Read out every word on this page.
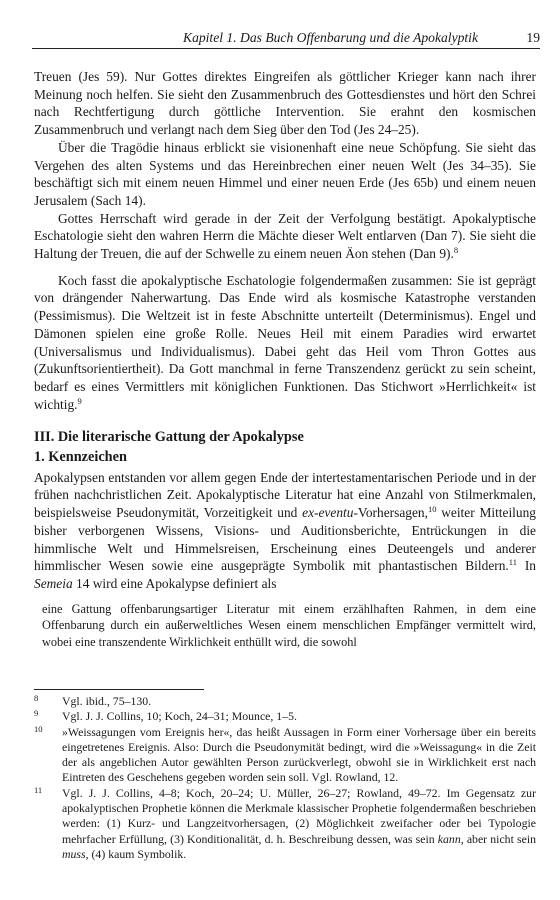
Kapitel 1. Das Buch Offenbarung und die Apokalyptik	19

Treuen (Jes 59). Nur Gottes direktes Eingreifen als göttlicher Krieger kann nach ihrer Meinung noch helfen. Sie sieht den Zusammenbruch des Gottesdienstes und hört den Schrei nach Rechtfertigung durch göttliche Intervention. Sie erahnt den kosmischen Zusammenbruch und verlangt nach dem Sieg über den Tod (Jes 24–25).

Über die Tragödie hinaus erblickt sie visionenhaft eine neue Schöpfung. Sie sieht das Vergehen des alten Systems und das Hereinbrechen einer neuen Welt (Jes 34–35). Sie beschäftigt sich mit einem neuen Himmel und einer neuen Erde (Jes 65b) und einem neuen Jerusalem (Sach 14).

Gottes Herrschaft wird gerade in der Zeit der Verfolgung bestätigt. Apokalyptische Eschatologie sieht den wahren Herrn die Mächte dieser Welt entlarven (Dan 7). Sie sieht die Haltung der Treuen, die auf der Schwelle zu einem neuen Äon stehen (Dan 9).$^8$

Koch fasst die apokalyptische Eschatologie folgendermaßen zusammen: Sie ist geprägt von drängender Naherwartung. Das Ende wird als kosmische Katastrophe verstanden (Pessimismus). Die Weltzeit ist in feste Abschnitte unterteilt (Determinismus). Engel und Dämonen spielen eine große Rolle. Neues Heil mit einem Paradies wird erwartet (Universalismus und Individualismus). Dabei geht das Heil vom Thron Gottes aus (Zukunftsorientiertheit). Da Gott manchmal in ferne Transzendenz gerückt zu sein scheint, bedarf es eines Vermittlers mit königlichen Funktionen. Das Stichwort »Herrlichkeit« ist wichtig.$^9$

III. Die literarische Gattung der Apokalypse
1. Kennzeichen

Apokalypsen entstanden vor allem gegen Ende der intertestamentarischen Periode und in der frühen nachchristlichen Zeit. Apokalyptische Literatur hat eine Anzahl von Stilmerkmalen, beispielsweise Pseudonymität, Vorzeitigkeit und ex-eventu-Vorhersagen,$^{10}$ weiter Mitteilung bisher verborgenen Wissens, Visions- und Auditionsberichte, Entrückungen in die himmlische Welt und Himmelsreisen, Erscheinung eines Deuteengels und anderer himmlischer Wesen sowie eine ausgeprägte Symbolik mit phantastischen Bildern.$^{11}$ In Semeia 14 wird eine Apokalypse definiert als

eine Gattung offenbarungsartiger Literatur mit einem erzählhaften Rahmen, in dem eine Offenbarung durch ein außerweltliches Wesen einem menschlichen Empfänger vermittelt wird, wobei eine transzendente Wirklichkeit enthüllt wird, die sowohl
8 Vgl. ibid., 75–130.
9 Vgl. J. J. Collins, 10; Koch, 24–31; Mounce, 1–5.
10 »Weissagungen vom Ereignis her«, das heißt Aussagen in Form einer Vorhersage über ein bereits eingetretenes Ereignis. Also: Durch die Pseudonymität bedingt, wird die »Weissagung« in die Zeit der als angeblichen Autor gewählten Person zurückverlegt, obwohl sie in Wirklichkeit erst nach Eintreten des Geschehens gegeben worden sein soll. Vgl. Rowland, 12.
11 Vgl. J. J. Collins, 4–8; Koch, 20–24; U. Müller, 26–27; Rowland, 49–72. Im Gegensatz zur apokalyptischen Prophetie können die Merkmale klassischer Prophetie folgendermaßen beschrieben werden: (1) Kurz- und Langzeitvorhersagen, (2) Möglichkeit zweifacher oder bei Typologie mehrfacher Erfüllung, (3) Konditionalität, d. h. Beschreibung dessen, was sein kann, aber nicht sein muss, (4) kaum Symbolik.
